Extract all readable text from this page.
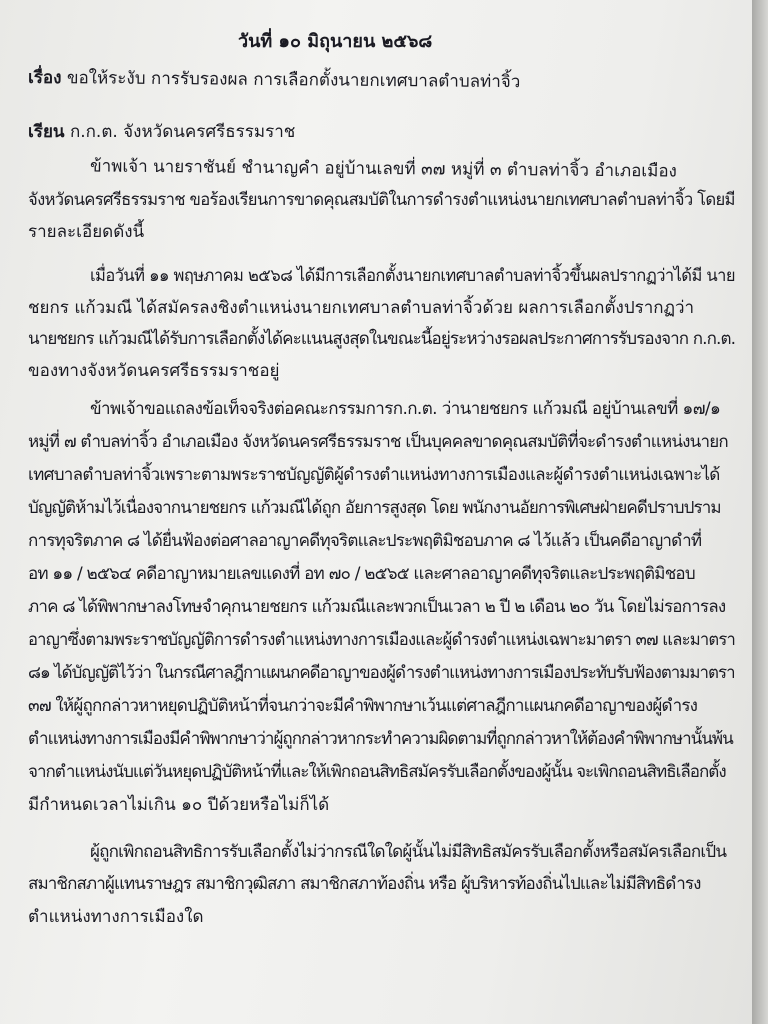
วันที่ ๑๐ มิถุนายน ๒๕๖๘
เรื่อง ขอให้ระงับ การรับรองผล การเลือกตั้งนายกเทศบาลตำบลท่าจิ้ว
เรียน ก.ก.ต. จังหวัดนครศรีธรรมราช
ข้าพเจ้า นายราชันย์ ชำนาญคำ อยู่บ้านเลขที่ ๓๗ หมู่ที่ ๓ ตำบลท่าจิ้ว อำเภอเมือง
จังหวัดนครศรีธรรมราช ขอร้องเรียนการขาดคุณสมบัติในการดำรงตำแหน่งนายกเทศบาลตำบลท่าจิ้ว โดยมี
รายละเอียดดังนี้
เมื่อวันที่ ๑๑ พฤษภาคม ๒๕๖๘ ได้มีการเลือกตั้งนายกเทศบาลตำบลท่าจิ้วขึ้นผลปรากฏว่าได้มี นาย
ชยกร แก้วมณี ได้สมัครลงชิงตำแหน่งนายกเทศบาลตำบลท่าจิ้วด้วย ผลการเลือกตั้งปรากฏว่า
นายชยกร แก้วมณีได้รับการเลือกตั้งได้คะแนนสูงสุดในขณะนี้อยู่ระหว่างรอผลประกาศการรับรองจาก ก.ก.ต.
ของทางจังหวัดนครศรีธรรมราชอยู่
ข้าพเจ้าขอแถลงข้อเท็จจริงต่อคณะกรรมการก.ก.ต. ว่านายชยกร แก้วมณี อยู่บ้านเลขที่ ๑๗/๑
หมู่ที่ ๗ ตำบลท่าจิ้ว อำเภอเมือง จังหวัดนครศรีธรรมราช เป็นบุคคลขาดคุณสมบัติที่จะดำรงตำแหน่งนายก
เทศบาลตำบลท่าจิ้วเพราะตามพระราชบัญญัติผู้ดำรงตำแหน่งทางการเมืองและผู้ดำรงตำแหน่งเฉพาะได้
บัญญัติห้ามไว้เนื่องจากนายชยกร แก้วมณีได้ถูก อัยการสูงสุด โดย พนักงานอัยการพิเศษฝ่ายคดีปราบปราม
การทุจริตภาค ๘ ได้ยื่นฟ้องต่อศาลอาญาคดีทุจริตและประพฤติมิชอบภาค ๘ ไว้แล้ว เป็นคดีอาญาดำที่
อท ๑๑ / ๒๕๖๔ คดีอาญาหมายเลขแดงที่ อท ๗๐ / ๒๕๖๕ และศาลอาญาคดีทุจริตและประพฤติมิชอบ
ภาค ๘ ได้พิพากษาลงโทษจำคุกนายชยกร แก้วมณีและพวกเป็นเวลา ๒ ปี ๒ เดือน ๒๐ วัน โดยไม่รอการลง
อาญาซึ่งตามพระราชบัญญัติการดำรงตำแหน่งทางการเมืองและผู้ดำรงตำแหน่งเฉพาะมาตรา ๓๗ และมาตรา
๘๑ ได้บัญญัติไว้ว่า ในกรณีศาลฎีกาแผนกคดีอาญาของผู้ดำรงตำแหน่งทางการเมืองประทับรับฟ้องตามมาตรา
๓๗ ให้ผู้ถูกกล่าวหาหยุดปฏิบัติหน้าที่จนกว่าจะมีคำพิพากษาเว้นแต่ศาลฎีกาแผนกคดีอาญาของผู้ดำรง
ตำแหน่งทางการเมืองมีคำพิพากษาว่าผู้ถูกกล่าวหากระทำความผิดตามที่ถูกกล่าวหาให้ต้องคำพิพากษานั้นพ้น
จากตำแหน่งนับแต่วันหยุดปฏิบัติหน้าที่และให้เพิกถอนสิทธิสมัครรับเลือกตั้งของผู้นั้น จะเพิกถอนสิทธิเลือกตั้ง
มีกำหนดเวลาไม่เกิน ๑๐ ปีด้วยหรือไม่ก็ได้
ผู้ถูกเพิกถอนสิทธิการรับเลือกตั้งไม่ว่ากรณีใดใดผู้นั้นไม่มีสิทธิสมัครรับเลือกตั้งหรือสมัครเลือกเป็น
สมาชิกสภาผู้แทนราษฎร สมาชิกวุฒิสภา สมาชิกสภาท้องถิ่น หรือ ผู้บริหารท้องถิ่นไปและไม่มีสิทธิดำรง
ตำแหน่งทางการเมืองใด
